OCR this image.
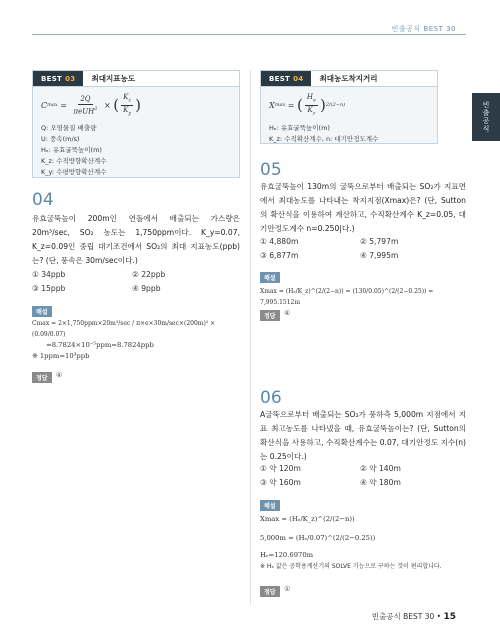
빈출공식 BEST 30
빈출공식
BEST 03	최대지표농도
C $\max = \frac{2Q}{\pi eUH^2}$ × ( $\frac{K_z}{K_y}$ )
Q: 오염물질 배출량
U: 풍속(m/s)
Hₑ: 유효굴뚝높이(m)
K_z: 수직방향확산계수
K_y: 수평방향확산계수
BEST 04	최대농도착지거리
X max = ( $\frac{H_e}{K_z}$ ) 2/(2−n)
Hₑ: 유효굴뚝높이(m)
K_z: 수직확산계수, n: 대기안정도계수
04
유효굴뚝높이 200m인 연돌에서 배출되는 가스량은 20m³/sec, SO₂ 농도는 1,750ppm이다. K_y=0.07, K_z=0.09인 중립 대기조건에서 SO₂의 최대 지표농도(ppb)는? (단, 풍속은 30m/sec이다.)
① 34ppb	② 22ppb
③ 15ppb	④ 9ppb
해설
Cmax = 2×1,750ppm×20m³/sec / π×e×30m/sec×(200m)² × (0.09/0.07)
=8.7824×10⁻⁵ppm=8.7824ppb
※ 1ppm=10³ppb
정답	④
05
유효굴뚝높이 130m의 굴뚝으로부터 배출되는 SO₂가 지표면에서 최대농도를 나타내는 착지지점(Xmax)은? (단, Sutton의 확산식을 이용하여 계산하고, 수직확산계수 K_z=0.05, 대기안정도계수 n=0.250|다.)
① 4,880m	② 5,797m
③ 6,877m	④ 7,995m
해설
Xmax = (Hₑ/K_z)^(2/(2−n)) = (130/0.05)^(2/(2−0.25)) = 7,995.1512m
정답	④
06
A굴뚝으로부터 배출되는 SO₂가 풍하측 5,000m 지점에서 지표 최고농도를 나타냈을 때, 유효굴뚝높이는? (단, Sutton의 확산식을 사용하고, 수직확산계수는 0.07, 대기안정도 지수(n)는 0.25이다.)
① 약 120m	② 약 140m
③ 약 160m	④ 약 180m
해설
Xmax = (Hₑ/K_z)^(2/(2−n))
5,000m = (Hₑ/0.07)^(2/(2−0.25))
Hₑ=120.6970m
※ Hₑ 값은 공학용계산기의 SOLVE 기능으로 구하는 것이 편리합니다.
정답	①
빈출공식 BEST 30 • 15
